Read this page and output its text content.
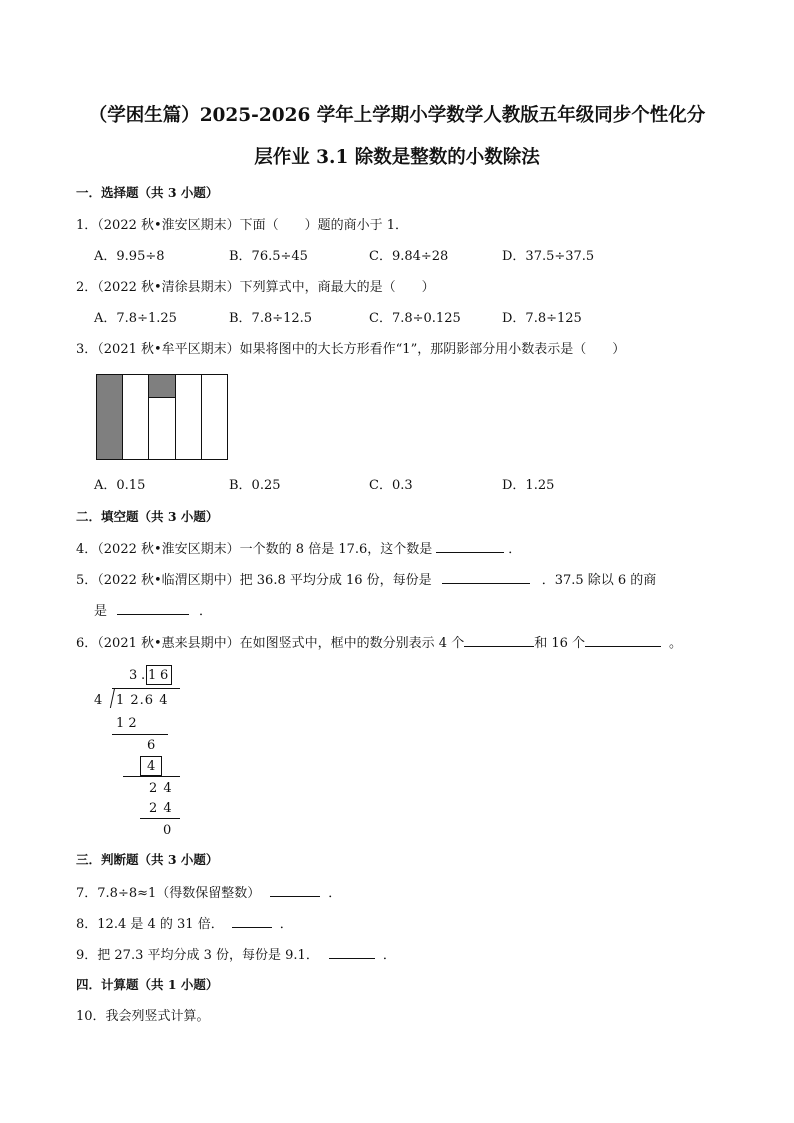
（学困生篇）2025-2026 学年上学期小学数学人教版五年级同步个性化分
层作业 3.1 除数是整数的小数除法
一．选择题（共 3 小题）
1．（2022 秋•淮安区期末）下面（　　）题的商小于 1．
A．9.95÷8	B．76.5÷45	C．9.84÷28	D．37.5÷37.5
2．（2022 秋•清徐县期末）下列算式中，商最大的是（　　）
A．7.8÷1.25	B．7.8÷12.5	C．7.8÷0.125	D．7.8÷125
3．（2021 秋•牟平区期末）如果将图中的大长方形看作“1”，那阴影部分用小数表示是（　　）
A．0.15	B．0.25	C．0.3	D．1.25
二．填空题（共 3 小题）
4．（2022 秋•淮安区期末）一个数的 8 倍是 17.6，这个数是	．
5．（2022 秋•临渭区期中）把 36.8 平均分成 16 份，每份是	．37.5 除以 6 的商
是	．
6．（2021 秋•惠来县期中）在如图竖式中，框中的数分别表示 4 个	和 16 个	。
3 . 1 6
4 1 2.6 4
1 2
6
4
2 4
2 4
0
三．判断题（共 3 小题）
7．7.8÷8≈1（得数保留整数）	．
8．12.4 是 4 的 31 倍．	．
9．把 27.3 平均分成 3 份，每份是 9.1．	．
四．计算题（共 1 小题）
10．我会列竖式计算。
